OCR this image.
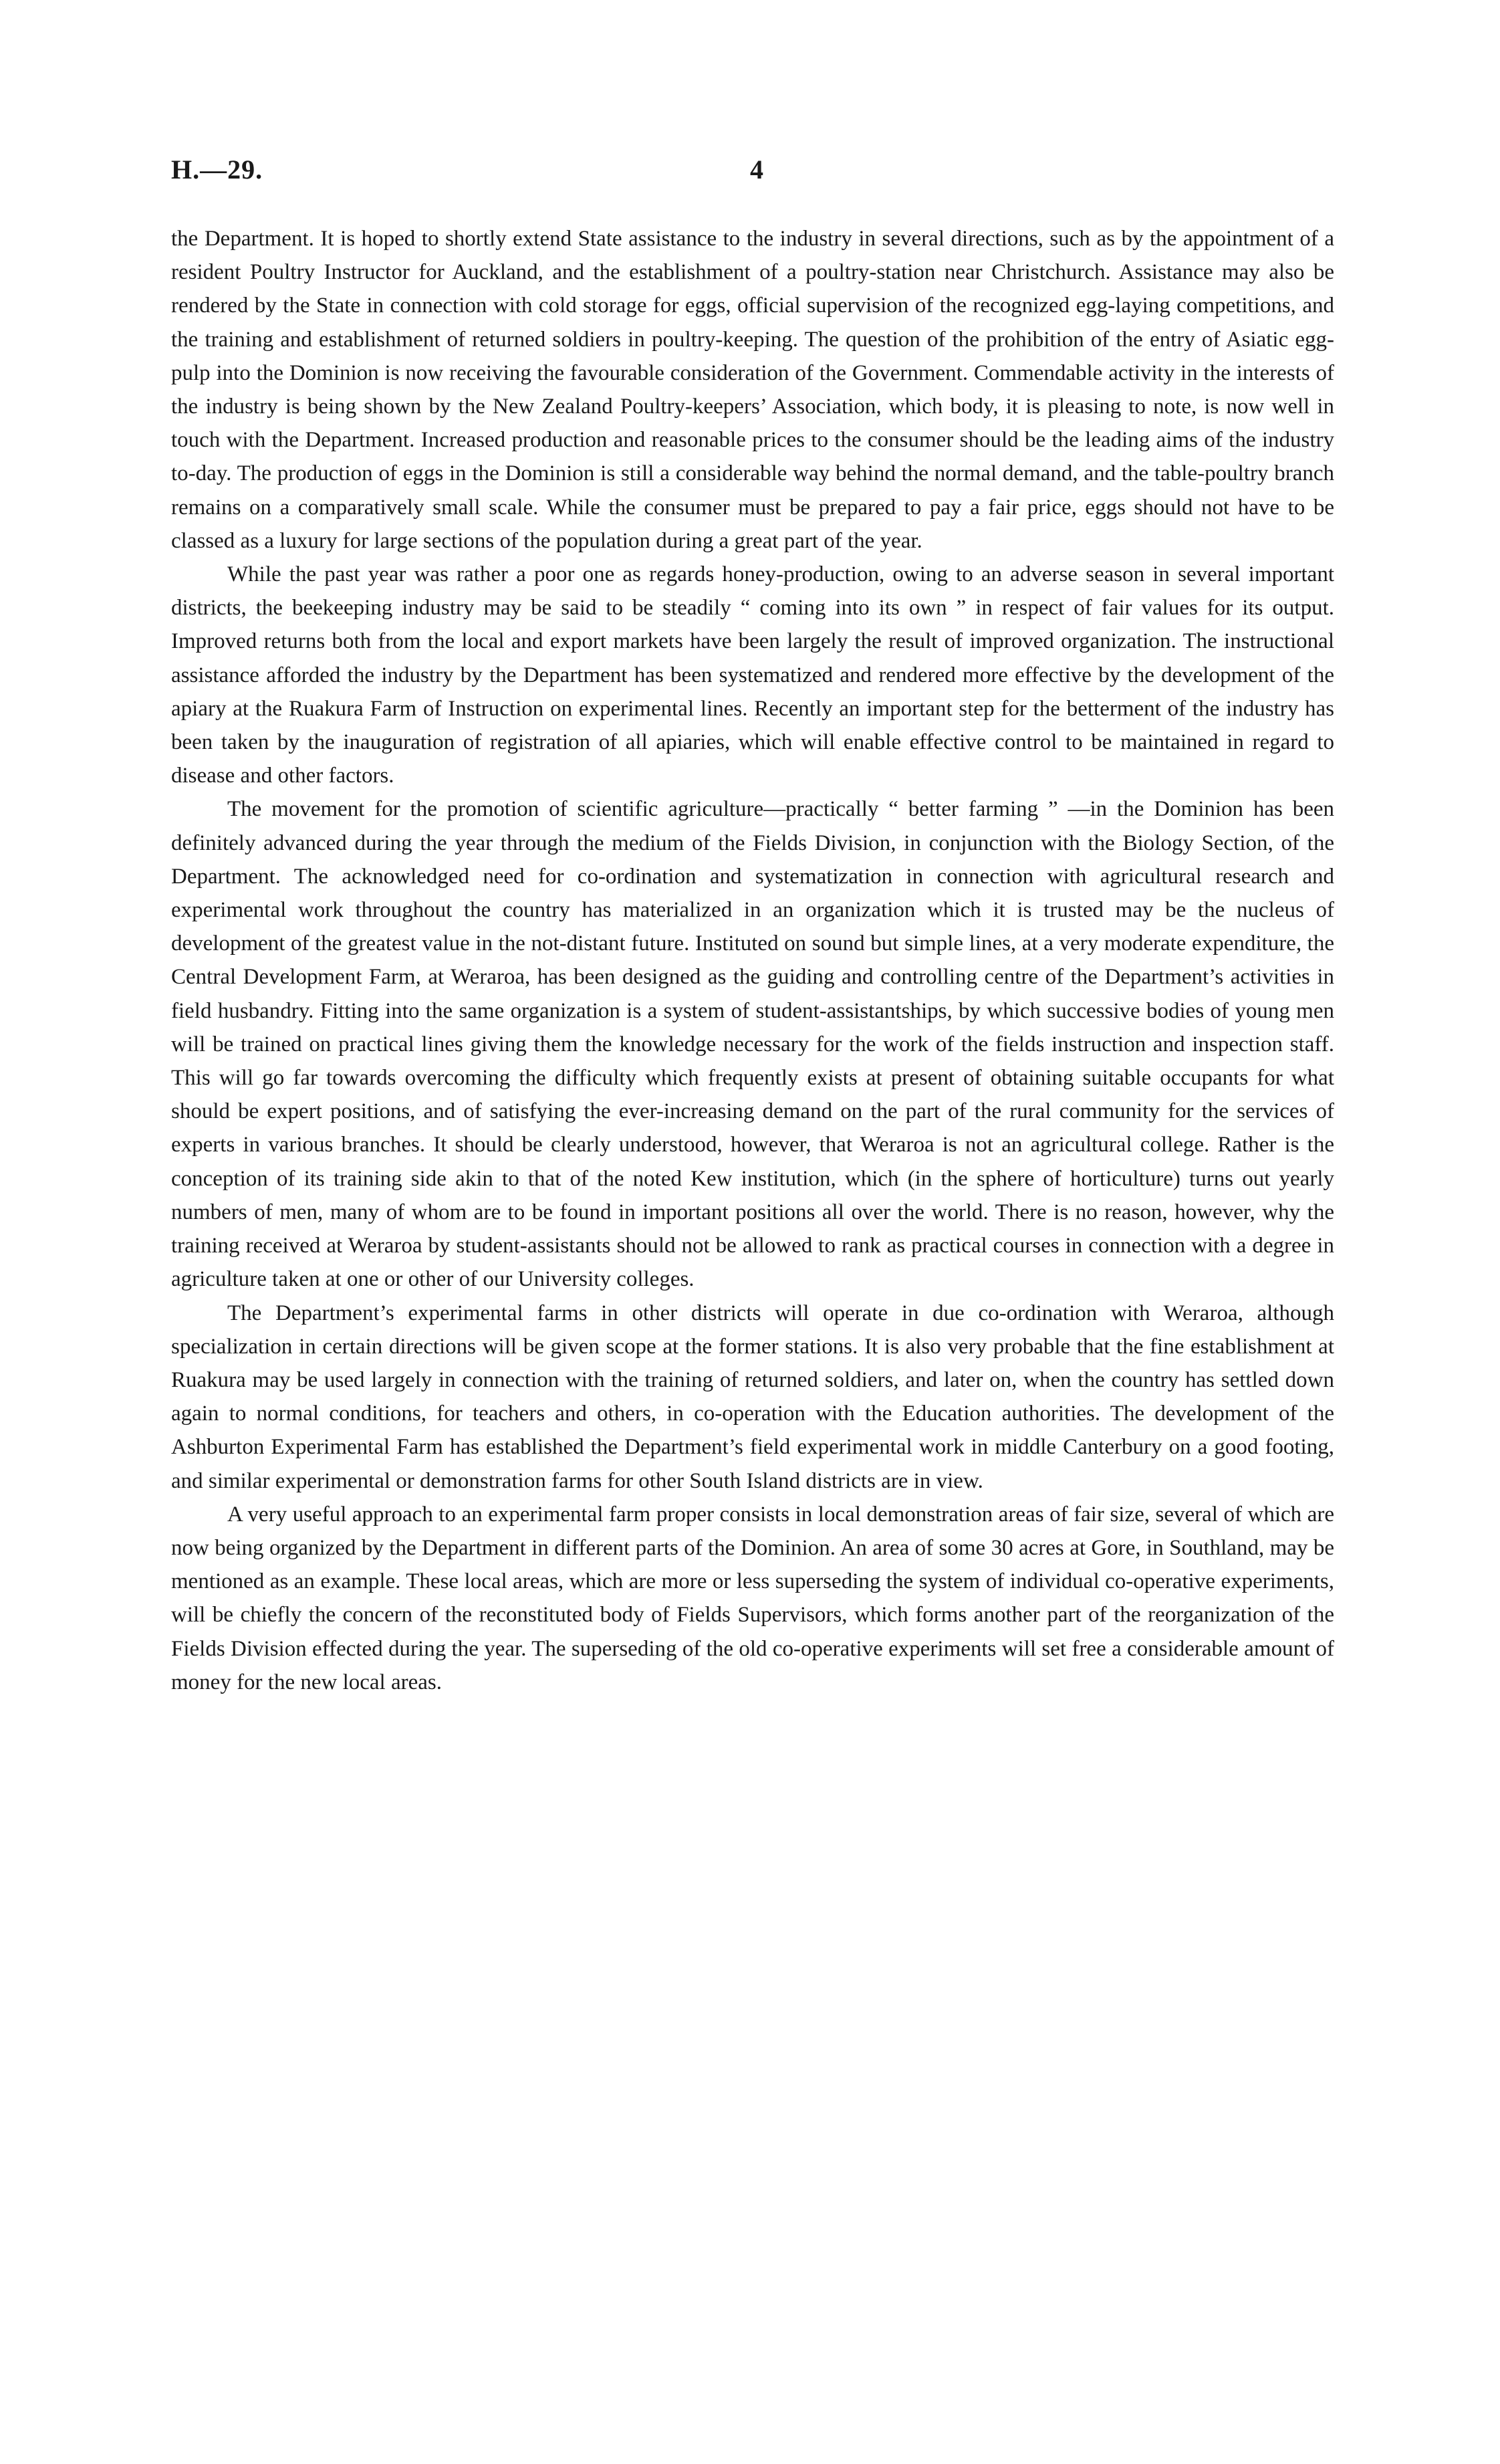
H.—29.	4

the Department. It is hoped to shortly extend State assistance to the industry in several directions, such as by the appointment of a resident Poultry Instructor for Auckland, and the establishment of a poultry-station near Christchurch. Assistance may also be rendered by the State in connection with cold storage for eggs, official supervision of the recognized egg-laying competitions, and the training and establishment of returned soldiers in poultry-keeping. The question of the prohibition of the entry of Asiatic egg-pulp into the Dominion is now receiving the favourable consideration of the Government. Commendable activity in the interests of the industry is being shown by the New Zealand Poultry-keepers’ Association, which body, it is pleasing to note, is now well in touch with the Department. Increased production and reasonable prices to the consumer should be the leading aims of the industry to-day. The production of eggs in the Dominion is still a considerable way behind the normal demand, and the table-poultry branch remains on a comparatively small scale. While the consumer must be prepared to pay a fair price, eggs should not have to be classed as a luxury for large sections of the population during a great part of the year.

While the past year was rather a poor one as regards honey-production, owing to an adverse season in several important districts, the beekeeping industry may be said to be steadily “ coming into its own ” in respect of fair values for its output. Improved returns both from the local and export markets have been largely the result of improved organization. The instructional assistance afforded the industry by the Department has been systematized and rendered more effective by the development of the apiary at the Ruakura Farm of Instruction on experimental lines. Recently an important step for the betterment of the industry has been taken by the inauguration of registration of all apiaries, which will enable effective control to be maintained in regard to disease and other factors.

The movement for the promotion of scientific agriculture—practically “ better farming ” —in the Dominion has been definitely advanced during the year through the medium of the Fields Division, in conjunction with the Biology Section, of the Department. The acknowledged need for co-ordination and systematization in connection with agricultural research and experimental work throughout the country has materialized in an organization which it is trusted may be the nucleus of development of the greatest value in the not-distant future. Instituted on sound but simple lines, at a very moderate expenditure, the Central Development Farm, at Weraroa, has been designed as the guiding and controlling centre of the Department’s activities in field husbandry. Fitting into the same organization is a system of student-assistantships, by which successive bodies of young men will be trained on practical lines giving them the knowledge necessary for the work of the fields instruction and inspection staff. This will go far towards overcoming the difficulty which frequently exists at present of obtaining suitable occupants for what should be expert positions, and of satisfying the ever-increasing demand on the part of the rural community for the services of experts in various branches. It should be clearly understood, however, that Weraroa is not an agricultural college. Rather is the conception of its training side akin to that of the noted Kew institution, which (in the sphere of horticulture) turns out yearly numbers of men, many of whom are to be found in important positions all over the world. There is no reason, however, why the training received at Weraroa by student-assistants should not be allowed to rank as practical courses in connection with a degree in agriculture taken at one or other of our University colleges.

The Department’s experimental farms in other districts will operate in due co-ordination with Weraroa, although specialization in certain directions will be given scope at the former stations. It is also very probable that the fine establishment at Ruakura may be used largely in connection with the training of returned soldiers, and later on, when the country has settled down again to normal conditions, for teachers and others, in co-operation with the Education authorities. The development of the Ashburton Experimental Farm has established the Department’s field experimental work in middle Canterbury on a good footing, and similar experimental or demonstration farms for other South Island districts are in view.

A very useful approach to an experimental farm proper consists in local demonstration areas of fair size, several of which are now being organized by the Department in different parts of the Dominion. An area of some 30 acres at Gore, in Southland, may be mentioned as an example. These local areas, which are more or less superseding the system of individual co-operative experiments, will be chiefly the concern of the reconstituted body of Fields Supervisors, which forms another part of the reorganization of the Fields Division effected during the year. The superseding of the old co-operative experiments will set free a considerable amount of money for the new local areas.
